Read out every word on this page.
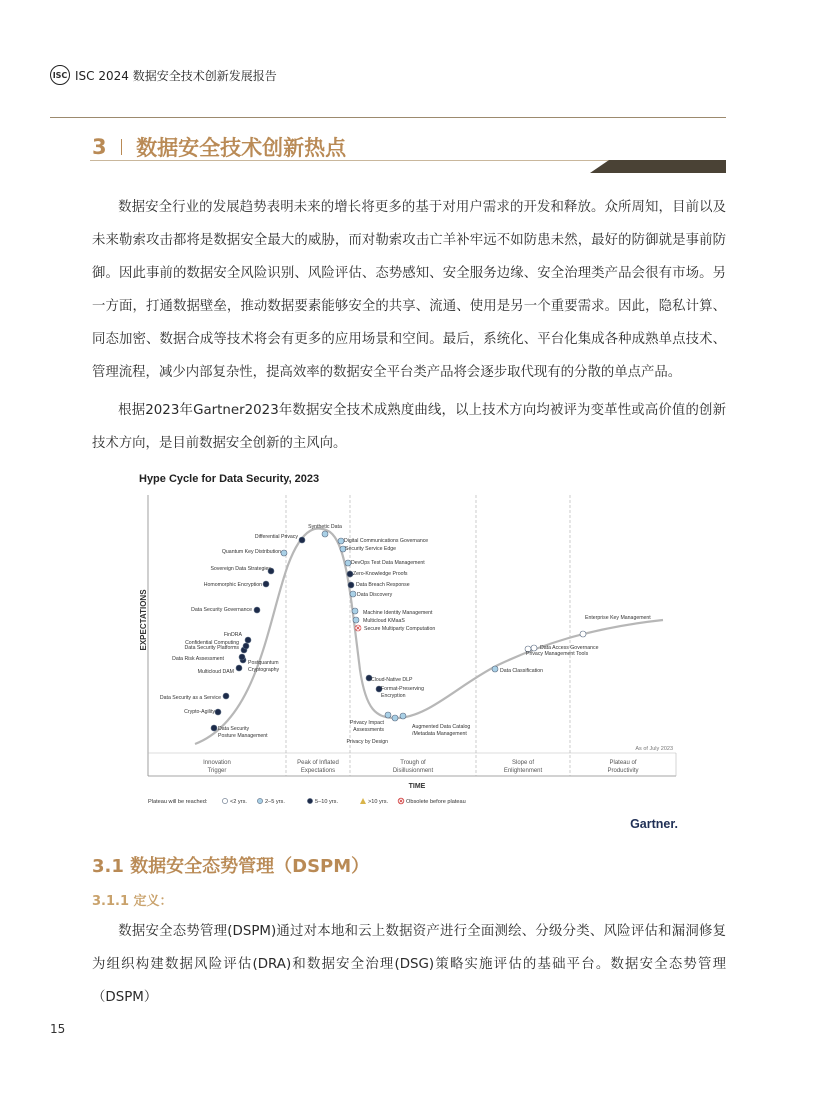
ISC ISC 2024 数据安全技术创新发展报告
3 数据安全技术创新热点
数据安全行业的发展趋势表明未来的增长将更多的基于对用户需求的开发和释放。众所周知，目前以及未来勒索攻击都将是数据安全最大的威胁，而对勒索攻击亡羊补牢远不如防患未然，最好的防御就是事前防御。因此事前的数据安全风险识别、风险评估、态势感知、安全服务边缘、安全治理类产品会很有市场。另一方面，打通数据壁垒，推动数据要素能够安全的共享、流通、使用是另一个重要需求。因此，隐私计算、同态加密、数据合成等技术将会有更多的应用场景和空间。最后，系统化、平台化集成各种成熟单点技术、管理流程，减少内部复杂性，提高效率的数据安全平台类产品将会逐步取代现有的分散的单点产品。
根据2023年Gartner2023年数据安全技术成熟度曲线，以上技术方向均被评为变革性或高价值的创新技术方向，是目前数据安全创新的主风向。
Hype Cycle for Data Security, 2023
Innovation
Trigger
Peak of Inflated
Expectations
Trough of
Disillusionment
Slope of
Enlightenment
Plateau of
Productivity
EXPECTATIONS
TIME
As of July 2023
Data Security
Posture Management
Crypto-Agility
Data Security as a Service
Multicloud DAM
Postquantum
Cryptography
Data Risk Assessment
Data Security Platforms
Confidential Computing
FinDRA
Data Security Governance
Homomorphic Encryption
Sovereign Data Strategies
Quantum Key Distribution
Differential Privacy
Synthetic Data
Digital Communications Governance
Security Service Edge
DevOps Test Data Management
Zero-Knowledge Proofs
Data Breach Response
Data Discovery
Machine Identity Management
Multicloud KMaaS
Secure Multiparty Computation
Cloud-Native DLP
Format-Preserving
Encryption
Privacy Impact
Assessments
Privacy by Design
Augmented Data Catalog
/Metadata Management
Data Classification
Data Access Governance
Privacy Management Tools
Enterprise Key Management
Plateau will be reached:	<2 yrs.	2–5 yrs.	5–10 yrs.	>10 yrs.	Obsolete before plateau
Gartner.
3.1 数据安全态势管理（DSPM）
3.1.1 定义：
数据安全态势管理(DSPM)通过对本地和云上数据资产进行全面测绘、分级分类、风险评估和漏洞修复为组织构建数据风险评估(DRA)和数据安全治理(DSG)策略实施评估的基础平台。数据安全态势管理（DSPM）
15
